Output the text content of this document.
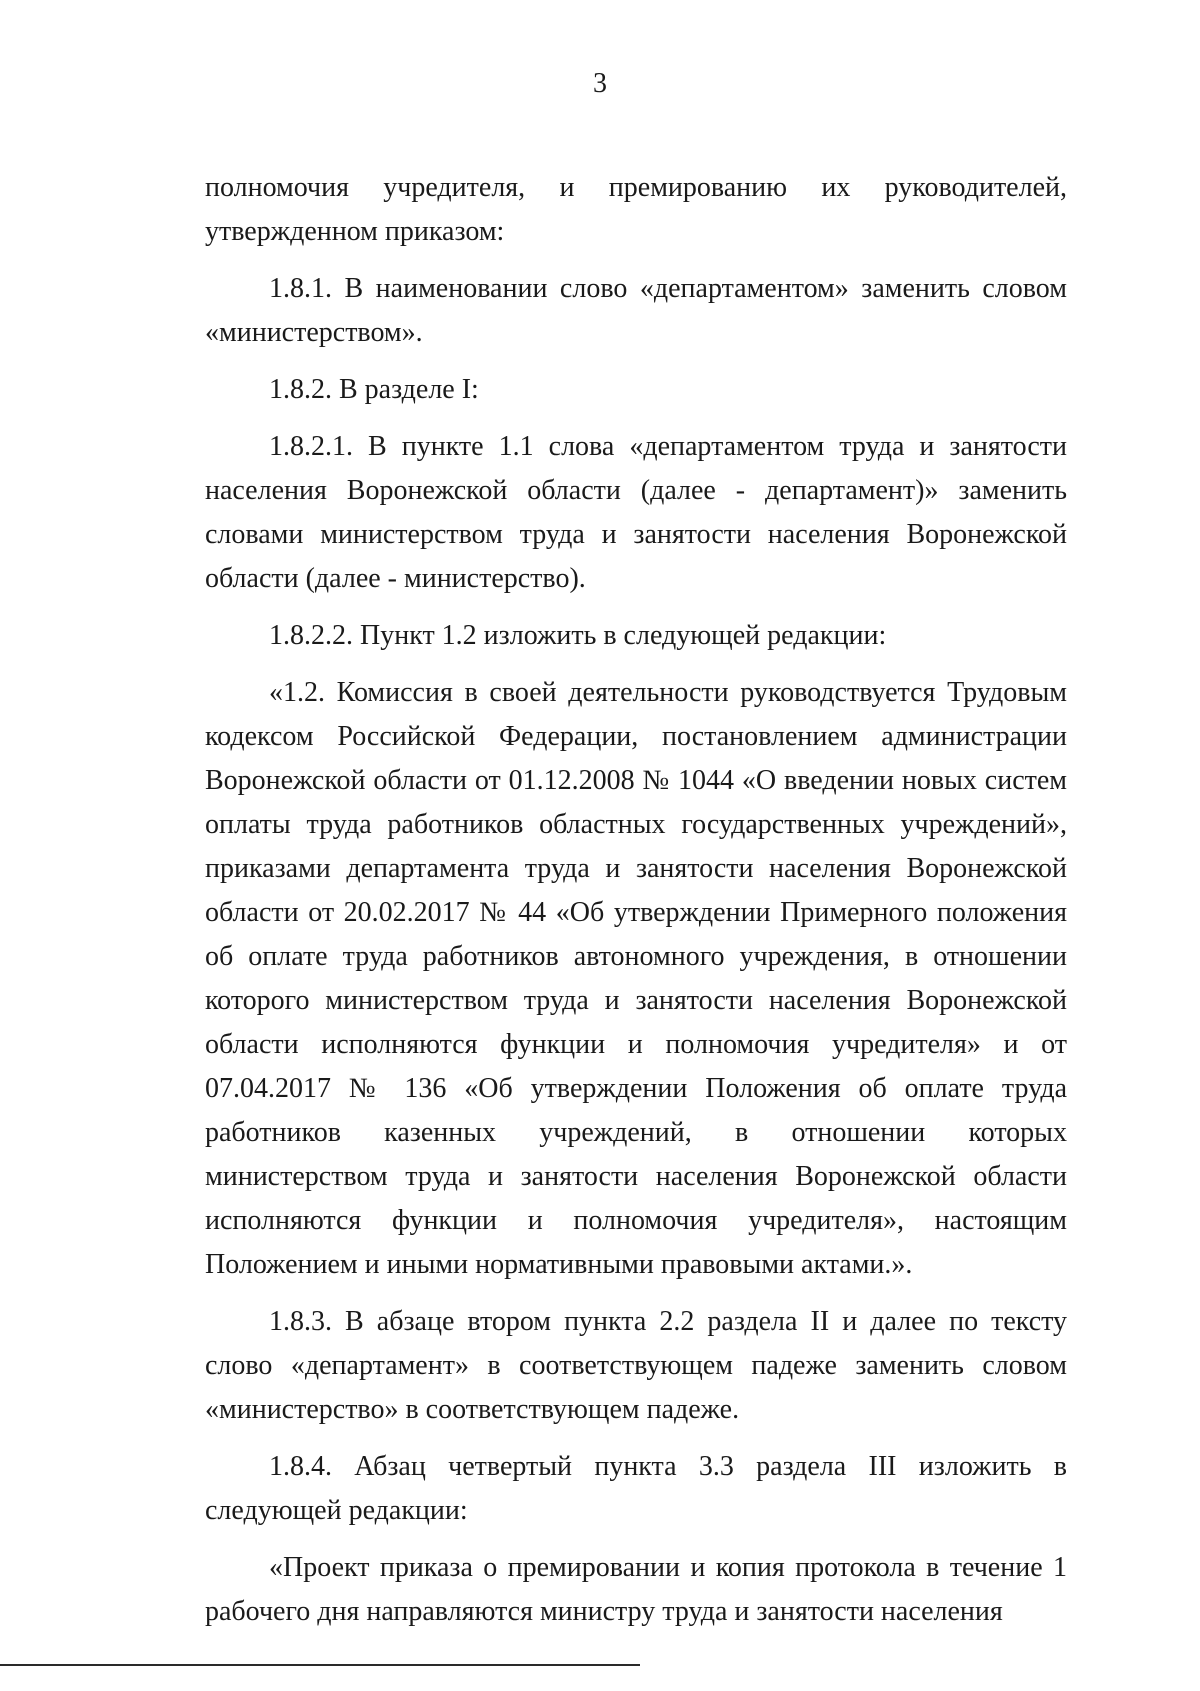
3

полномочия учредителя, и премированию их руководителей, утвержденном приказом:

1.8.1. В наименовании слово «департаментом» заменить словом «министерством».

1.8.2. В разделе I:

1.8.2.1. В пункте 1.1 слова «департаментом труда и занятости населения Воронежской области (далее - департамент)» заменить словами министерством труда и занятости населения Воронежской области (далее - министерство).

1.8.2.2. Пункт 1.2 изложить в следующей редакции:

«1.2. Комиссия в своей деятельности руководствуется Трудовым кодексом Российской Федерации, постановлением администрации Воронежской области от 01.12.2008 № 1044 «О введении новых систем оплаты труда работников областных государственных учреждений», приказами департамента труда и занятости населения Воронежской области от 20.02.2017 № 44 «Об утверждении Примерного положения об оплате труда работников автономного учреждения, в отношении которого министерством труда и занятости населения Воронежской области исполняются функции и полномочия учредителя» и от 07.04.2017 № 136 «Об утверждении Положения об оплате труда работников казенных учреждений, в отношении которых министерством труда и занятости населения Воронежской области исполняются функции и полномочия учредителя», настоящим Положением и иными нормативными правовыми актами.».

1.8.3. В абзаце втором пункта 2.2 раздела II и далее по тексту слово «департамент» в соответствующем падеже заменить словом «министерство» в соответствующем падеже.

1.8.4. Абзац четвертый пункта 3.3 раздела III изложить в следующей редакции:

«Проект приказа о премировании и копия протокола в течение 1 рабочего дня направляются министру труда и занятости населения
